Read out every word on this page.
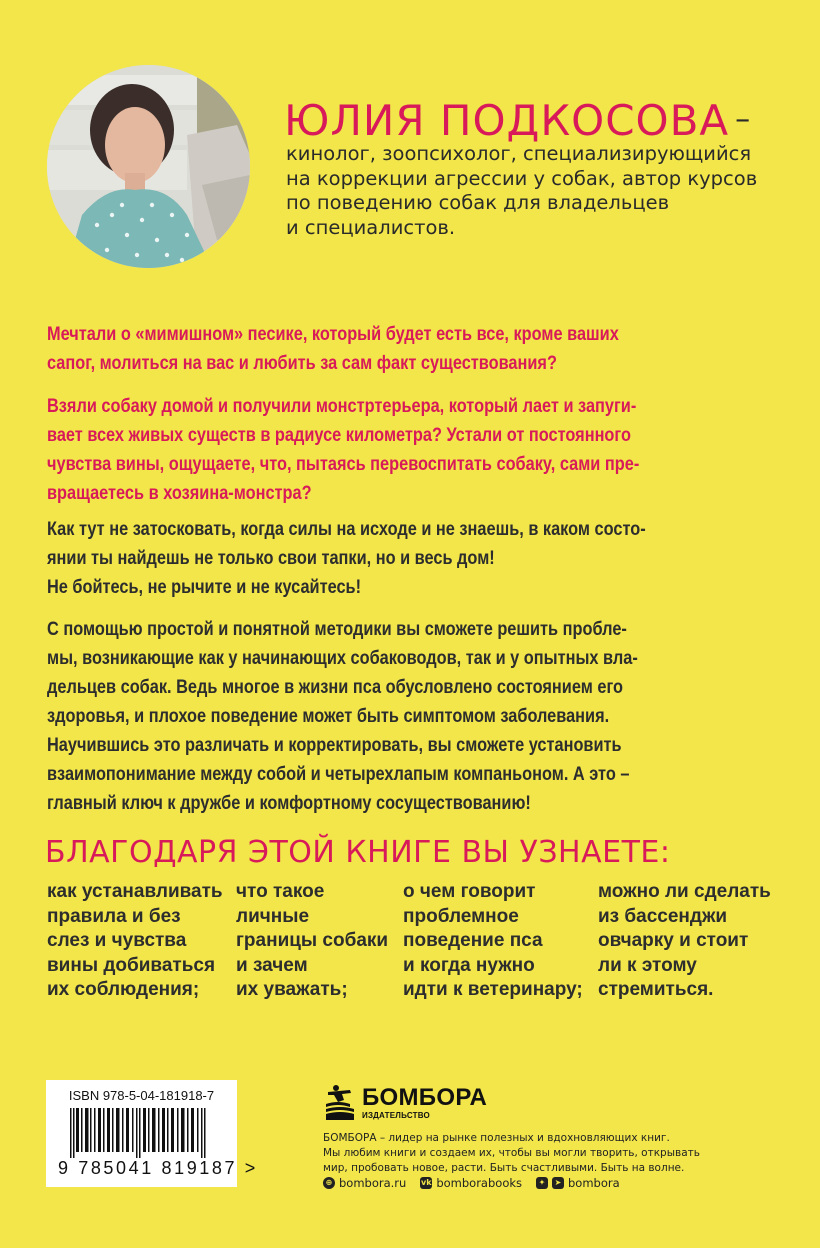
ЮЛИЯ ПОДКОСОВА –

кинолог, зоопсихолог, специализирующийся

на коррекции агрессии у собак, автор курсов

по поведению собак для владельцев

и специалистов.

Мечтали о «мимишном» песике, который будет есть все, кроме ваших

сапог, молиться на вас и любить за сам факт существования?

Взяли собаку домой и получили монстртерьера, который лает и запуги-

вает всех живых существ в радиусе километра? Устали от постоянного

чувства вины, ощущаете, что, пытаясь перевоспитать собаку, сами пре-

вращаетесь в хозяина-монстра?

Как тут не затосковать, когда силы на исходе и не знаешь, в каком состо-

янии ты найдешь не только свои тапки, но и весь дом!

Не бойтесь, не рычите и не кусайтесь!

С помощью простой и понятной методики вы сможете решить пробле-

мы, возникающие как у начинающих собаководов, так и у опытных вла-

дельцев собак. Ведь многое в жизни пса обусловлено состоянием его

здоровья, и плохое поведение может быть симптомом заболевания.

Научившись это различать и корректировать, вы сможете установить

взаимопонимание между собой и четырехлапым компаньоном. А это –

главный ключ к дружбе и комфортному сосуществованию!

БЛАГОДАРЯ ЭТОЙ КНИГЕ ВЫ УЗНАЕТЕ:

как устанавливать

правила и без

слез и чувства

вины добиваться

их соблюдения;

что такое

личные

границы собаки

и зачем

их уважать;

о чем говорит

проблемное

поведение пса

и когда нужно

идти к ветеринару;

можно ли сделать

из бассенджи

овчарку и стоит

ли к этому

стремиться.

ISBN 978-5-04-181918-7
9 785041 819187 >
БОМБОРА
ИЗДАТЕЛЬСТВО

БОМБОРА – лидер на рынке полезных и вдохновляющих книг.

Мы любим книги и создаем их, чтобы вы могли творить, открывать

мир, пробовать новое, расти. Быть счастливыми. Быть на волне.

⊕ bombora.ru vk bomborabooks	✦	➤ bombora
